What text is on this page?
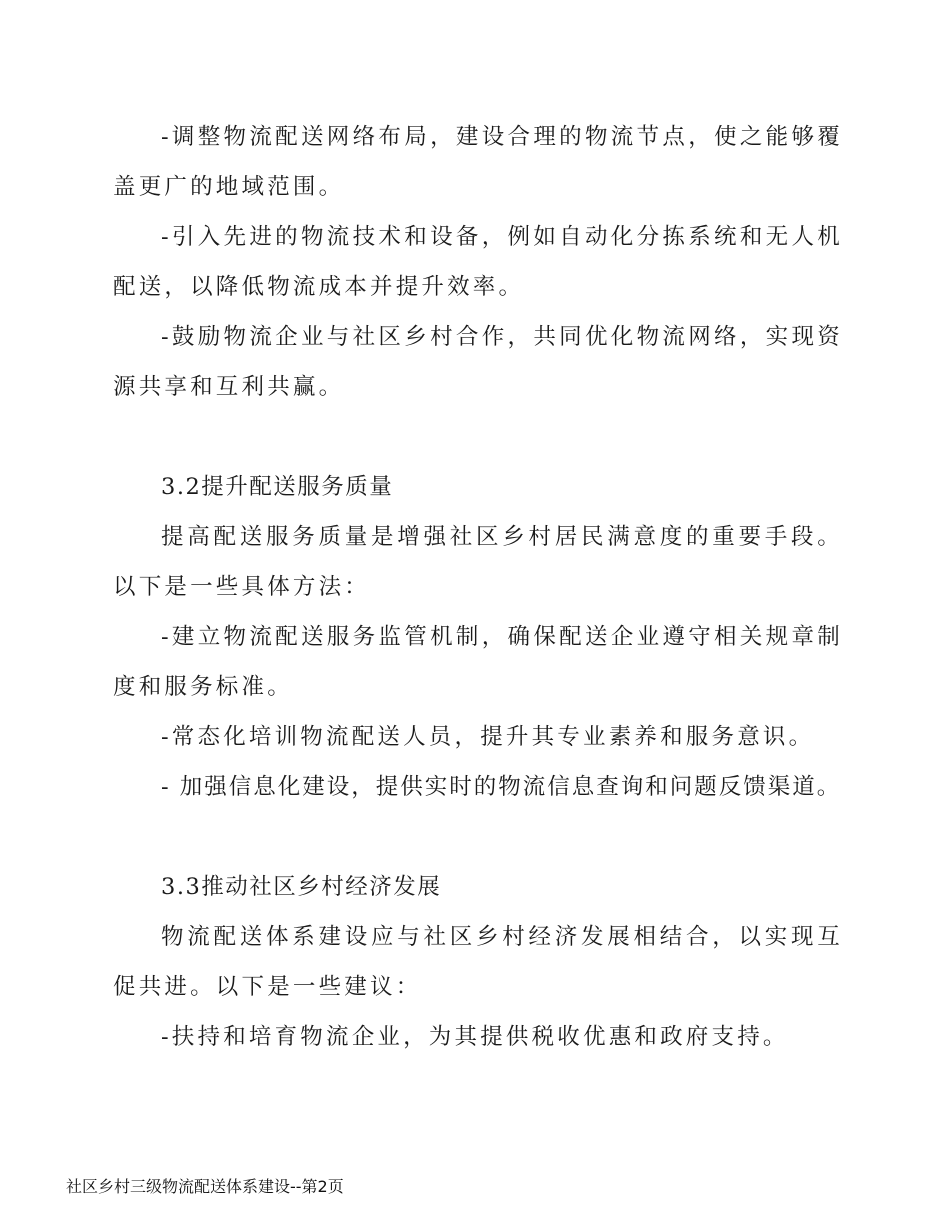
-调整物流配送网络布局，建设合理的物流节点，使之能够覆盖更广的地域范围。

-引入先进的物流技术和设备，例如自动化分拣系统和无人机配送，以降低物流成本并提升效率。

-鼓励物流企业与社区乡村合作，共同优化物流网络，实现资源共享和互利共赢。

3.2提升配送服务质量

提高配送服务质量是增强社区乡村居民满意度的重要手段。以下是一些具体方法：

-建立物流配送服务监管机制，确保配送企业遵守相关规章制度和服务标准。

-常态化培训物流配送人员，提升其专业素养和服务意识。

- 加强信息化建设，提供实时的物流信息查询和问题反馈渠道。

3.3推动社区乡村经济发展

物流配送体系建设应与社区乡村经济发展相结合，以实现互促共进。以下是一些建议：

-扶持和培育物流企业，为其提供税收优惠和政府支持。

社区乡村三级物流配送体系建设--第2页
